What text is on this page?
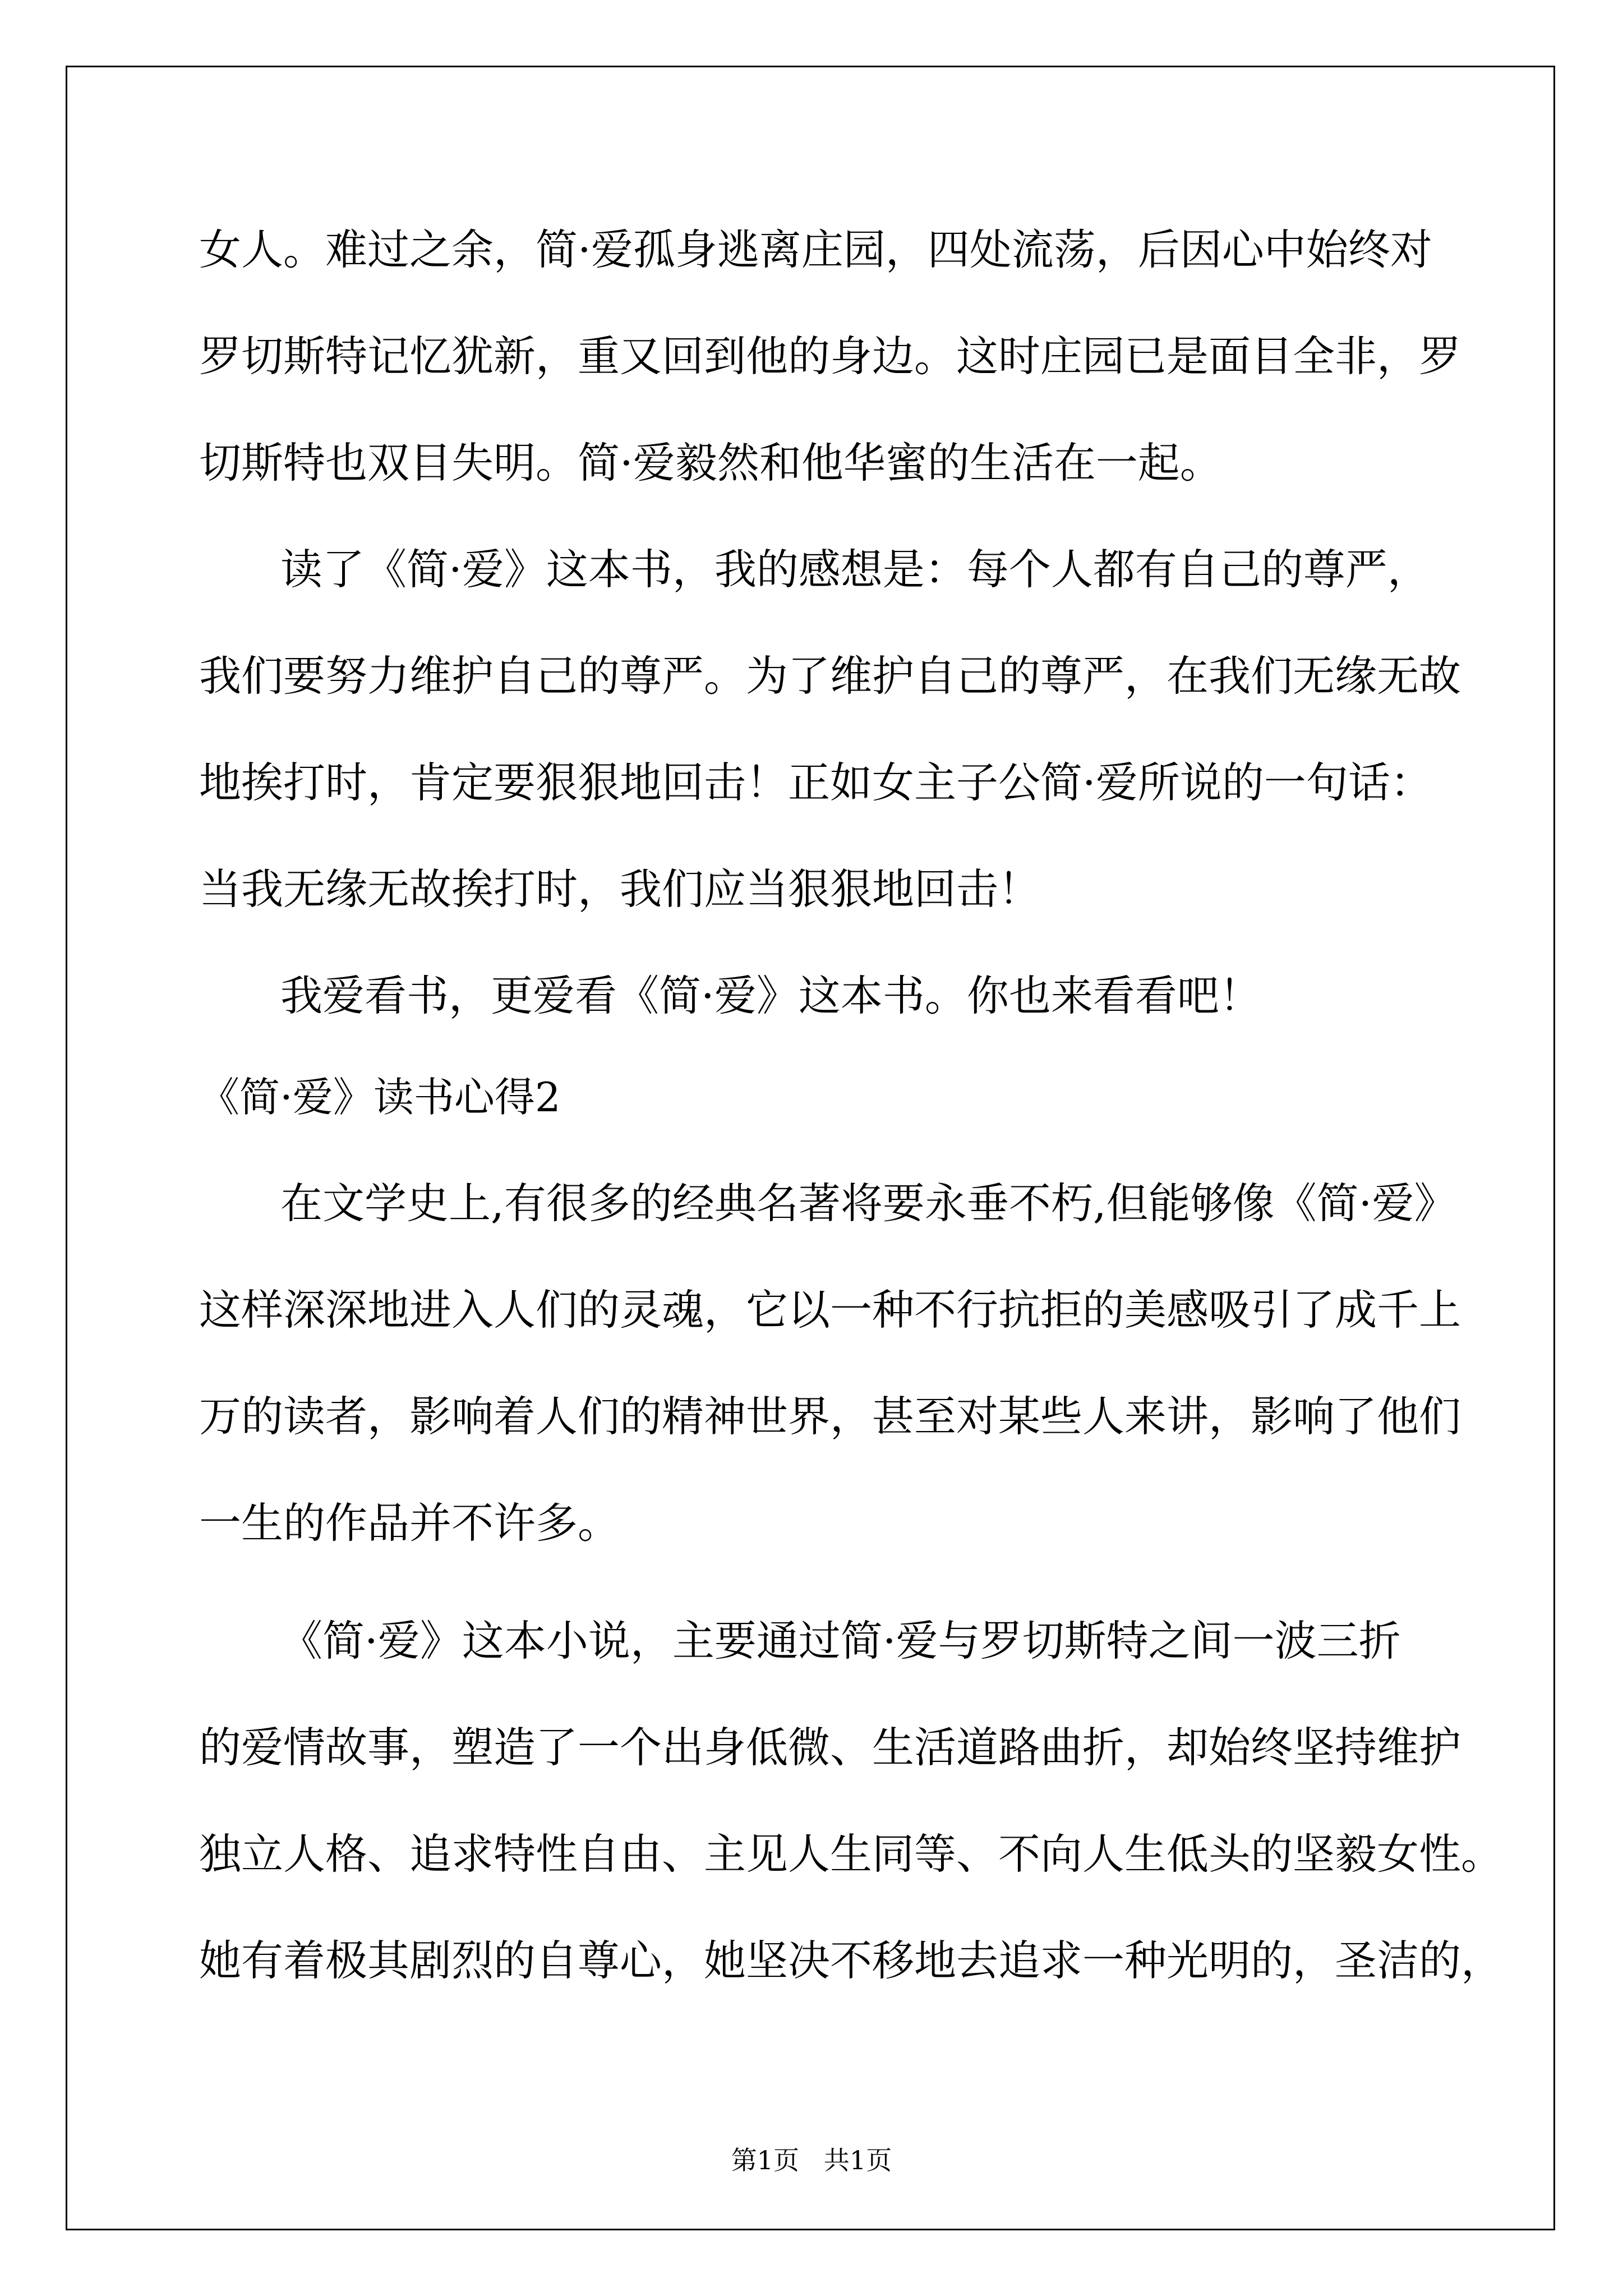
女人。难过之余，简·爱孤身逃离庄园，四处流荡，后因心中始终对

罗切斯特记忆犹新，重又回到他的身边。这时庄园已是面目全非，罗

切斯特也双目失明。简·爱毅然和他华蜜的生活在一起。

读了《简·爱》这本书，我的感想是：每个人都有自己的尊严，

我们要努力维护自己的尊严。为了维护自己的尊严，在我们无缘无故

地挨打时，肯定要狠狠地回击！正如女主子公简·爱所说的一句话：

当我无缘无故挨打时，我们应当狠狠地回击！

我爱看书，更爱看《简·爱》这本书。你也来看看吧！

《简·爱》读书心得2

在文学史上,有很多的经典名著将要永垂不朽,但能够像《简·爱》

这样深深地进入人们的灵魂，它以一种不行抗拒的美感吸引了成千上

万的读者，影响着人们的精神世界，甚至对某些人来讲，影响了他们

一生的作品并不许多。

《简·爱》这本小说，主要通过简·爱与罗切斯特之间一波三折

的爱情故事，塑造了一个出身低微、生活道路曲折，却始终坚持维护

独立人格、追求特性自由、主见人生同等、不向人生低头的坚毅女性。

她有着极其剧烈的自尊心，她坚决不移地去追求一种光明的，圣洁的，

第1页   共1页
